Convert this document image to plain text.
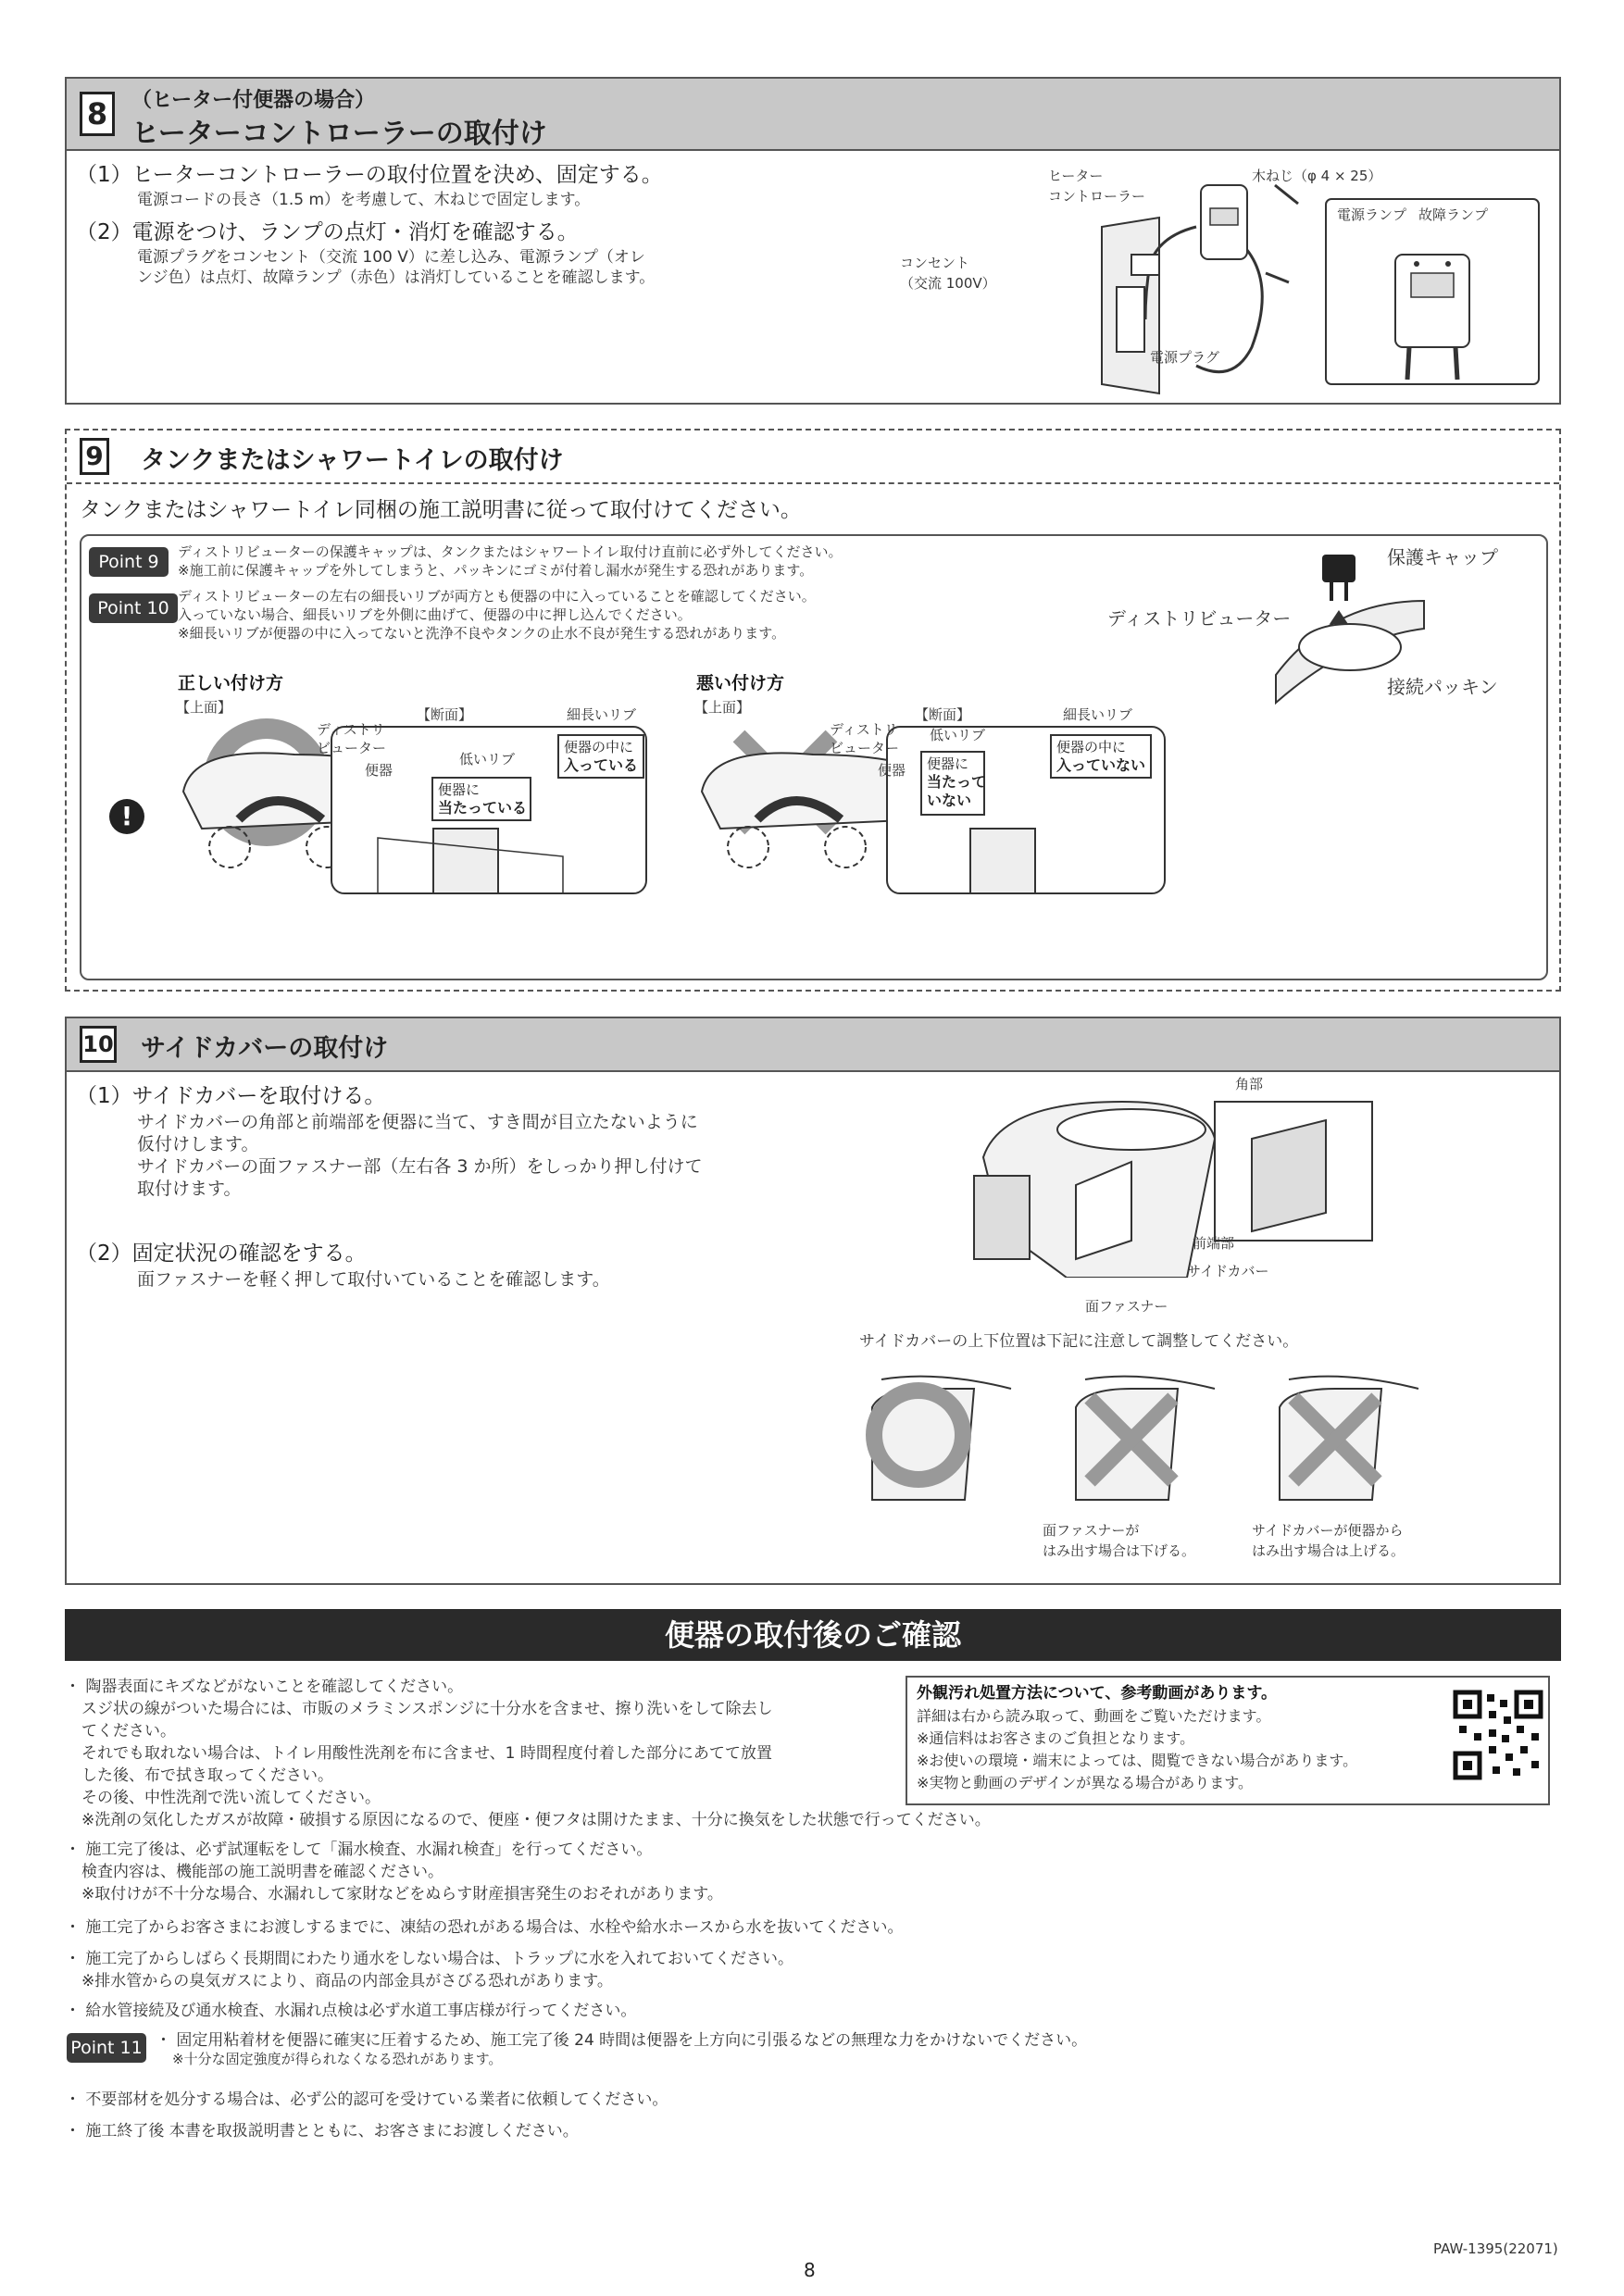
8	（ヒーター付便器の場合）
ヒーターコントローラーの取付け
（1）ヒーターコントローラーの取付位置を決め、固定する。
電源コードの長さ（1.5 m）を考慮して、木ねじで固定します。
（2）電源をつけ、ランプの点灯・消灯を確認する。
電源プラグをコンセント（交流 100 V）に差し込み、電源ランプ（オレ
ンジ色）は点灯、故障ランプ（赤色）は消灯していることを確認します。
ヒーター
コントローラー
木ねじ（φ 4 × 25）
電源ランプ 故障ランプ
コンセント
（交流 100V）
電源プラグ
9 タンクまたはシャワートイレの取付け
タンクまたはシャワートイレ同梱の施工説明書に従って取付けてください。
Point 9	ディストリビューターの保護キャップは、タンクまたはシャワートイレ取付け直前に必ず外してください。
※施工前に保護キャップを外してしまうと、パッキンにゴミが付着し漏水が発生する恐れがあります。
Point 10
ディストリビューターの左右の細長いリブが両方とも便器の中に入っていることを確認してください。
入っていない場合、細長いリブを外側に曲げて、便器の中に押し込んでください。
※細長いリブが便器の中に入ってないと洗浄不良やタンクの止水不良が発生する恐れがあります。
保護キャップ
ディストリビューター
接続パッキン
!
正しい付け方
【上面】
悪い付け方
【上面】
ディストリ
ビューター
便器
【断面】	細長いリブ
低いリブ
便器の中に
入っている
便器に
当たっている
ディストリ
ビューター
便器
【断面】	細長いリブ
低いリブ
便器の中に
入っていない
便器に
当たって
いない
10 サイドカバーの取付け
（1）サイドカバーを取付ける。
サイドカバーの角部と前端部を便器に当て、すき間が目立たないように
仮付けします。
サイドカバーの面ファスナー部（左右各 3 か所）をしっかり押し付けて
取付けます。
（2）固定状況の確認をする。
面ファスナーを軽く押して取付いていることを確認します。
角部
前端部
サイドカバー
面ファスナー
サイドカバーの上下位置は下記に注意して調整してください。
面ファスナーが
はみ出す場合は下げる。
サイドカバーが便器から
はみ出す場合は上げる。
便器の取付後のご確認
・ 陶器表面にキズなどがないことを確認してください。
スジ状の線がついた場合には、市販のメラミンスポンジに十分水を含ませ、擦り洗いをして除去し
てください。
それでも取れない場合は、トイレ用酸性洗剤を布に含ませ、1 時間程度付着した部分にあてて放置
した後、布で拭き取ってください。
その後、中性洗剤で洗い流してください。
※洗剤の気化したガスが故障・破損する原因になるので、便座・便フタは開けたまま、十分に換気をした状態で行ってください。
外観汚れ処置方法について、参考動画があります。
詳細は右から読み取って、動画をご覧いただけます。
※通信料はお客さまのご負担となります。
※お使いの環境・端末によっては、閲覧できない場合があります。
※実物と動画のデザインが異なる場合があります。
・ 施工完了後は、必ず試運転をして「漏水検査、水漏れ検査」を行ってください。
検査内容は、機能部の施工説明書を確認ください。
※取付けが不十分な場合、水漏れして家財などをぬらす財産損害発生のおそれがあります。
・ 施工完了からお客さまにお渡しするまでに、凍結の恐れがある場合は、水栓や給水ホースから水を抜いてください。
・ 施工完了からしばらく長期間にわたり通水をしない場合は、トラップに水を入れておいてください。
※排水管からの臭気ガスにより、商品の内部金具がさびる恐れがあります。
・ 給水管接続及び通水検査、水漏れ点検は必ず水道工事店様が行ってください。
Point 11 ・ 固定用粘着材を便器に確実に圧着するため、施工完了後 24 時間は便器を上方向に引張るなどの無理な力をかけないでください。
※十分な固定強度が得られなくなる恐れがあります。
・ 不要部材を処分する場合は、必ず公的認可を受けている業者に依頼してください。
・ 施工終了後 本書を取扱説明書とともに、お客さまにお渡しください。
PAW-1395(22071)
8
